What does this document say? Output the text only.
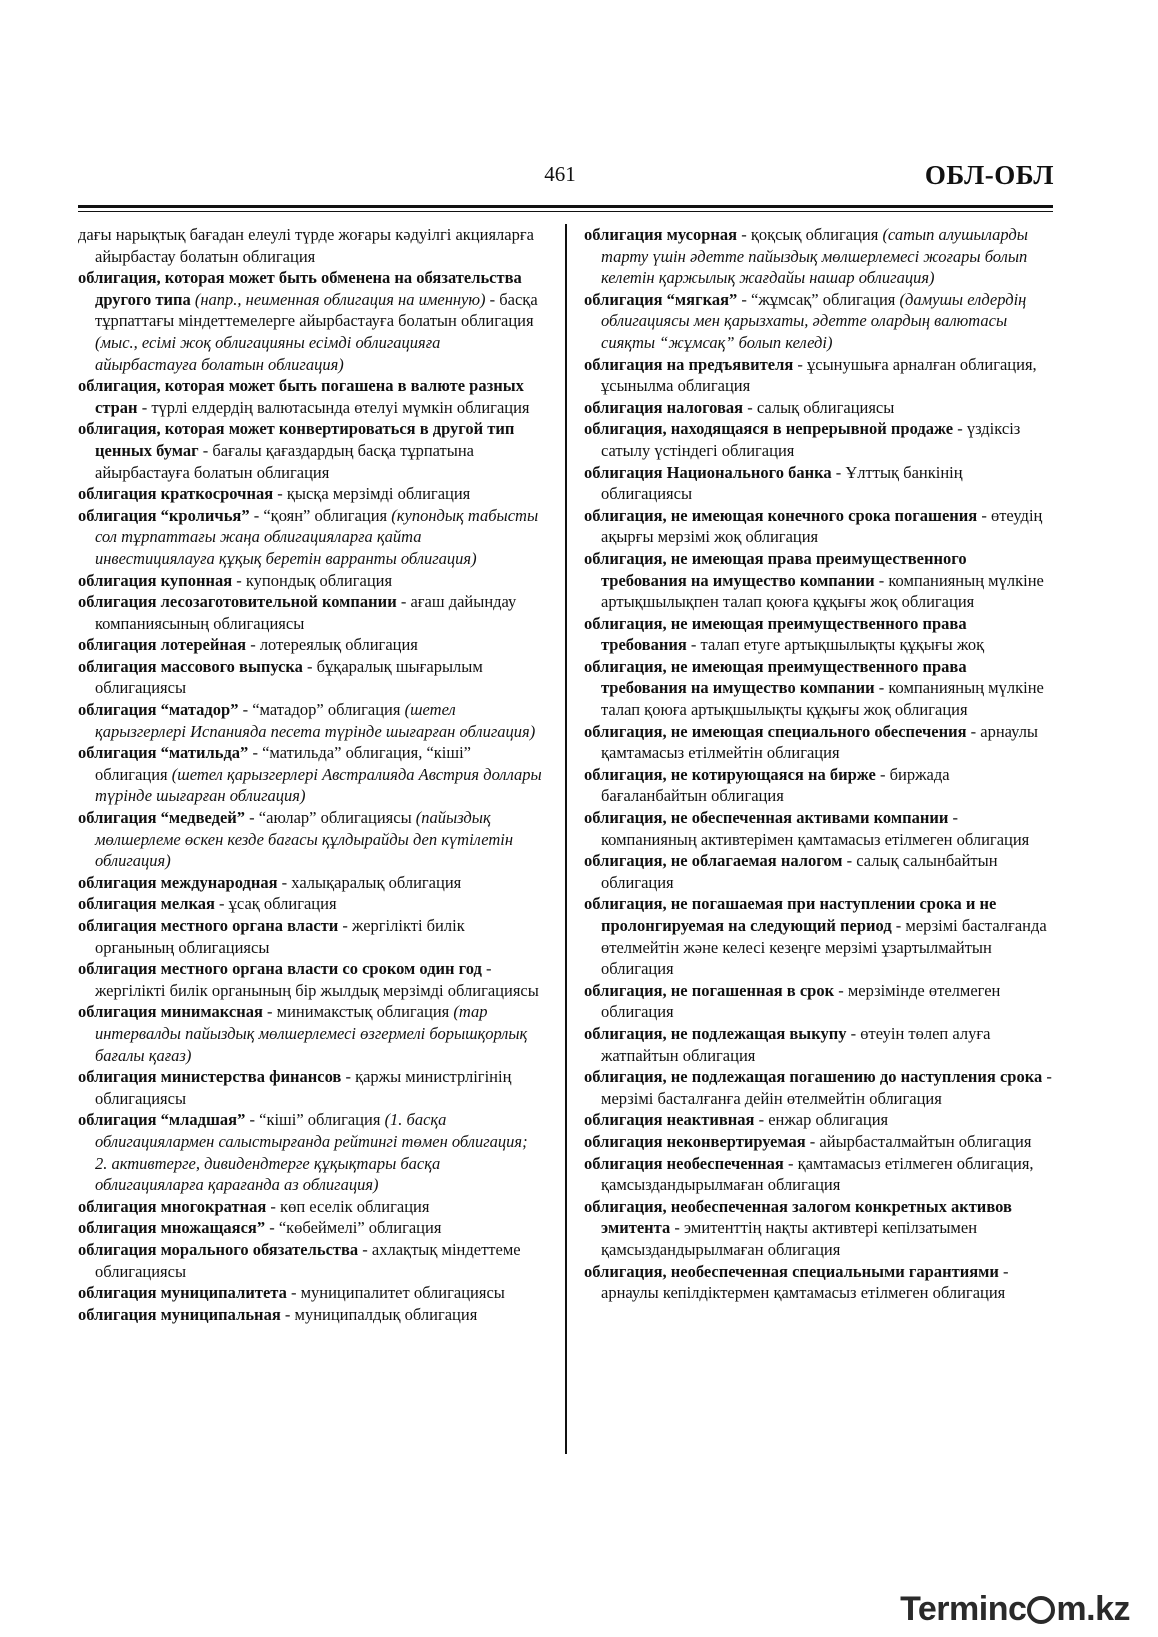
461	ОБЛ-ОБЛ

дағы нарықтық бағадан елеулі түрде жоғары кәдуілгі акцияларға айырбастау болатын облигация

облигация, которая может быть обменена на обязательства другого типа (напр., неименная облигация на именную) - басқа тұрпаттағы міндеттемелерге айырбастауға болатын облигация (мыс., есімі жоқ облигацияны есімді облигацияға айырбастауға болатын облигация)

облигация, которая может быть погашена в валюте разных стран - түрлі елдердің валютасында өтелуі мүмкін облигация

облигация, которая может конвертироваться в другой тип ценных бумаг - бағалы қағаздардың басқа тұрпатына айырбастауға болатын облигация

облигация краткосрочная - қысқа мерзімді облигация

облигация “кроличья” - “қоян” облигация (купондық табысты сол тұрпаттағы жаңа облигацияларға қайта инвестициялауға құқық беретін варранты облигация)

облигация купонная - купондық облигация

облигация лесозаготовительной компании - ағаш дайындау компаниясының облигациясы

облигация лотерейная - лотереялық облигация

облигация массового выпуска - бұқаралық шығарылым облигациясы

облигация “матадор” - “матадор” облигация (шетел қарызгерлері Испанияда песета түрінде шығарған облигация)

облигация “матильда” - “матильда” облигация, “кіші” облигация (шетел қарызгерлері Австралияда Австрия доллары түрінде шығарған облигация)

облигация “медведей” - “аюлар” облигациясы (пайыздық мөлшерлеме өскен кезде бағасы құлдырайды деп күтілетін облигация)

облигация международная - халықаралық облигация

облигация мелкая - ұсақ облигация

облигация местного органа власти - жергілікті билік органының облигациясы

облигация местного органа власти со сроком один год - жергілікті билік органының бір жылдық мерзімді облигациясы

облигация минимаксная - минимакстық облигация (тар интервалды пайыздық мөлшерлемесі өзгермелі борышқорлық бағалы қағаз)

облигация министерства финансов - қаржы министрлігінің облигациясы

облигация “младшая” - “кіші” облигация (1. басқа облигациялармен салыстырғанда рейтингі төмен облигация; 2. активтерге, дивидендтерге құқықтары басқа облигацияларға қарағанда аз облигация)

облигация многократная - көп еселік облигация

облигация множащаяся” - “көбеймелі” облигация

облигация морального обязательства - ахлақтық міндеттеме облигациясы

облигация муниципалитета - муниципалитет облигациясы

облигация муниципальная - муниципалдық облигация

облигация мусорная - қоқсық облигация (сатып алушыларды тарту үшін әдетте пайыздық мөлшерлемесі жоғары болып келетін қаржылық жағдайы нашар облигация)

облигация “мягкая” - “жұмсақ” облигация (дамушы елдердің облигациясы мен қарызхаты, әдетте олардың валютасы сияқты “жұмсақ” болып келеді)

облигация на предъявителя - ұсынушыға арналған облигация, ұсынылма облигация

облигация налоговая - салық облигациясы

облигация, находящаяся в непрерывной продаже - үздіксіз сатылу үстіндегі облигация

облигация Национального банка - Ұлттық банкінің облигациясы

облигация, не имеющая конечного срока погашения - өтеудің ақырғы мерзімі жоқ облигация

облигация, не имеющая права преимущественного требования на имущество компании - компанияның мүлкіне артықшылықпен талап қоюға құқығы жоқ облигация

облигация, не имеющая преимущественного права требования - талап етуге артықшылықты құқығы жоқ

облигация, не имеющая преимущественного права требования на имущество компании - компанияның мүлкіне талап қоюға артықшылықты құқығы жоқ облигация

облигация, не имеющая специального обеспечения - арнаулы қамтамасыз етілмейтін облигация

облигация, не котирующаяся на бирже - биржада бағаланбайтын облигация

облигация, не обеспеченная активами компании - компанияның активтерімен қамтамасыз етілмеген облигация

облигация, не облагаемая налогом - салық салынбайтын облигация

облигация, не погашаемая при наступлении срока и не пролонгируемая на следующий период - мерзімі басталғанда өтелмейтін және келесі кезеңге мерзімі ұзартылмайтын облигация

облигация, не погашенная в срок - мерзімінде өтелмеген облигация

облигация, не подлежащая выкупу - өтеуін төлеп алуға жатпайтын облигация

облигация, не подлежащая погашению до наступления срока - мерзімі басталғанға дейін өтелмейтін облигация

облигация неактивная - енжар облигация

облигация неконвертируемая - айырбасталмайтын облигация

облигация необеспеченная - қамтамасыз етілмеген облигация, қамсыздандырылмаған облигация

облигация, необеспеченная залогом конкретных активов эмитента - эмитенттің нақты активтері кепілзатымен қамсыздандырылмаған облигация

облигация, необеспеченная специальными гарантиями - арнаулы кепілдіктермен қамтамасыз етілмеген облигация

Terminc m.kz
